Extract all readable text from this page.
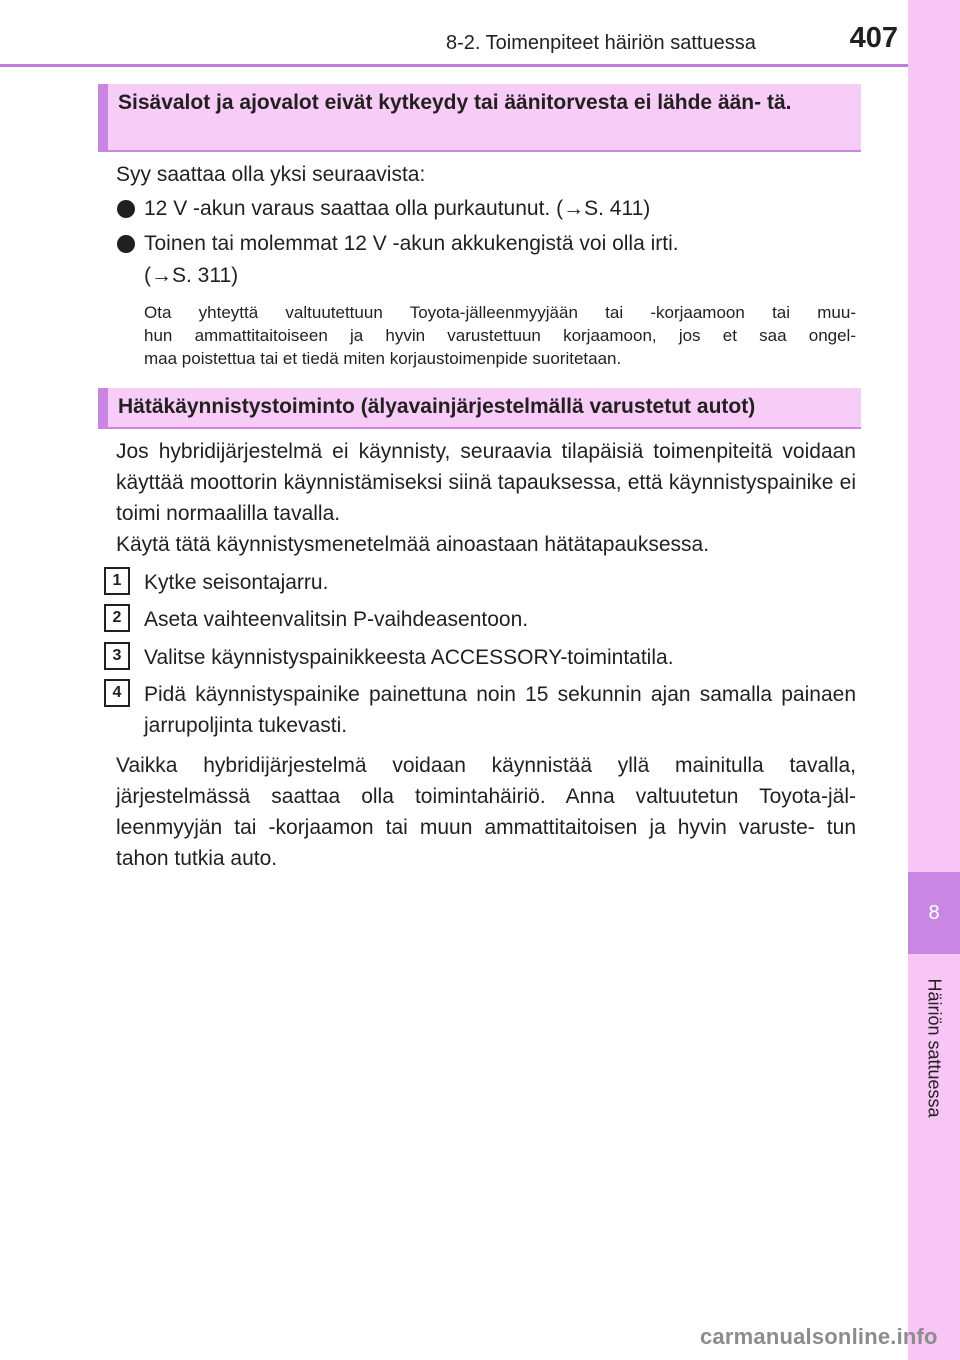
8-2. Toimenpiteet häiriön sattuessa	407
8
Häiriön sattuessa
Sisävalot ja ajovalot eivät kytkeydy tai äänitorvesta ei lähde ään- tä.
Syy saattaa olla yksi seuraavista:
12 V -akun varaus saattaa olla purkautunut. (→S. 411)
Toinen tai molemmat 12 V -akun akkukengistä voi olla irti.
(→S. 311)
Ota yhteyttä valtuutettuun Toyota-jälleenmyyjään tai -korjaamoon tai muu-
hun ammattitaitoiseen ja hyvin varustettuun korjaamoon, jos et saa ongel-
maa poistettua tai et tiedä miten korjaustoimenpide suoritetaan.
Hätäkäynnistystoiminto (älyavainjärjestelmällä varustetut autot)
Jos hybridijärjestelmä ei käynnisty, seuraavia tilapäisiä toimenpiteitä voidaan käyttää moottorin käynnistämiseksi siinä tapauksessa, että käynnistyspainike ei toimi normaalilla tavalla.
Käytä tätä käynnistysmenetelmää ainoastaan hätätapauksessa.
1	Kytke seisontajarru.
2	Aseta vaihteenvalitsin P-vaihdeasentoon.
3	Valitse käynnistyspainikkeesta ACCESSORY-toimintatila.
4	Pidä käynnistyspainike painettuna noin 15 sekunnin ajan samalla painaen jarrupoljinta tukevasti.
Vaikka hybridijärjestelmä voidaan käynnistää yllä mainitulla tavalla, järjestelmässä saattaa olla toimintahäiriö. Anna valtuutetun Toyota-jäl- leenmyyjän tai -korjaamon tai muun ammattitaitoisen ja hyvin varuste- tun tahon tutkia auto.
carmanualsonline.info
